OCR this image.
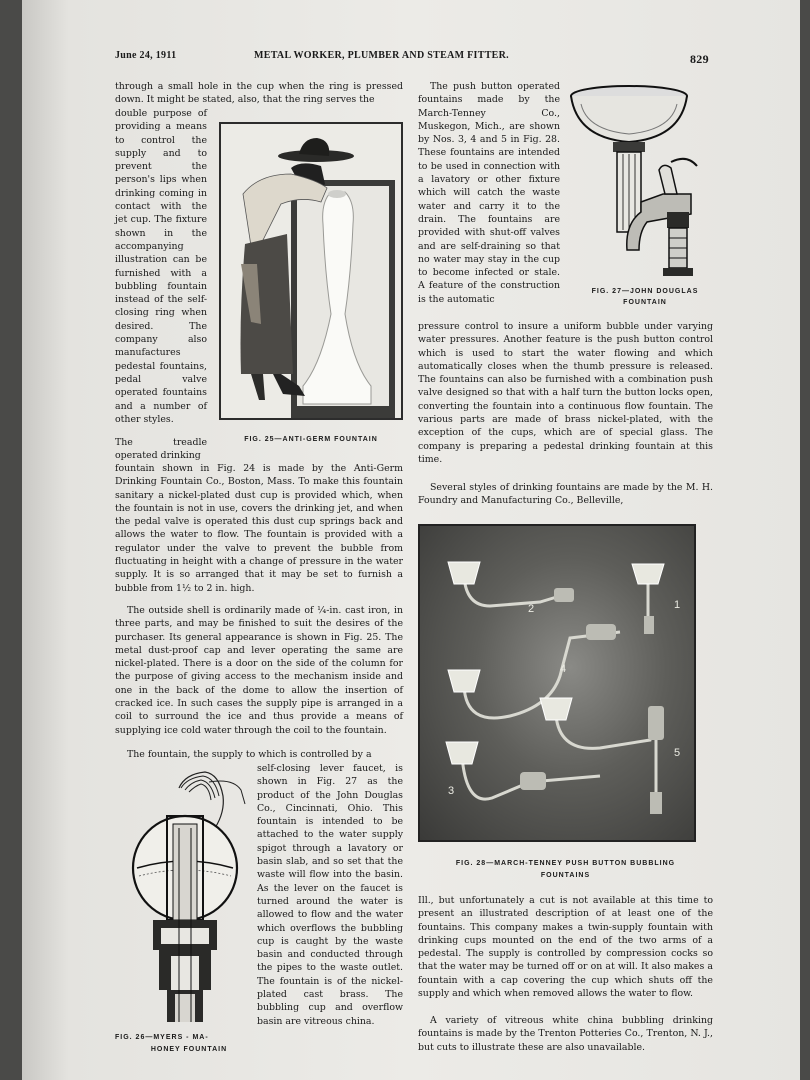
June 24, 1911	METAL WORKER, PLUMBER AND STEAM FITTER.	829
through a small hole in the cup when the ring is pressed down. It might be stated, also, that the ring serves the
double purpose of providing a means to control the supply and to prevent the person's lips when drinking coming in contact with the jet cup. The fixture shown in the accompanying illustration can be furnished with a bubbling fountain instead of the self-closing ring when desired. The company also manufactures pedestal fountains, pedal valve operated fountains and a number of other styles.
FIG. 25—ANTI-GERM FOUNTAIN
The treadle operated drinking
fountain shown in Fig. 24 is made by the Anti-Germ Drinking Fountain Co., Boston, Mass. To make this fountain sanitary a nickel-plated dust cup is provided which, when the fountain is not in use, covers the drinking jet, and when the pedal valve is operated this dust cup springs back and allows the water to flow. The fountain is provided with a regulator under the valve to prevent the bubble from fluctuating in height with a change of pressure in the water supply. It is so arranged that it may be set to furnish a bubble from 1½ to 2 in. high.
The outside shell is ordinarily made of ¼-in. cast iron, in three parts, and may be finished to suit the desires of the purchaser. Its general appearance is shown in Fig. 25. The metal dust-proof cap and lever operating the same are nickel-plated. There is a door on the side of the column for the purpose of giving access to the mechanism inside and one in the back of the dome to allow the insertion of cracked ice. In such cases the supply pipe is arranged in a coil to surround the ice and thus provide a means of supplying ice cold water through the coil to the fountain.
The fountain, the supply to which is controlled by a
FIG. 26—MYERS - MA-
HONEY FOUNTAIN
self-closing lever faucet, is shown in Fig. 27 as the product of the John Douglas Co., Cincinnati, Ohio. This fountain is intended to be attached to the water supply spigot through a lavatory or basin slab, and so set that the waste will flow into the basin. As the lever on the faucet is turned around the water is allowed to flow and the water which overflows the bubbling cup is caught by the waste basin and conducted through the pipes to the waste outlet. The fountain is of the nickel-plated cast brass. The bubbling cup and overflow basin are vitreous china.
The push button operated fountains made by the March-Tenney Co., Muskegon, Mich., are shown by Nos. 3, 4 and 5 in Fig. 28. These fountains are intended to be used in connection with a lavatory or other fixture which will catch the waste water and carry it to the drain. The fountains are provided with shut-off valves and are self-draining so that no water may stay in the cup to become infected or stale. A feature of the construction is the automatic
FIG. 27—JOHN DOUGLAS
FOUNTAIN
pressure control to insure a uniform bubble under varying water pressures. Another feature is the push button control which is used to start the water flowing and which automatically closes when the thumb pressure is released. The fountains can also be furnished with a combination push valve designed so that with a half turn the button locks open, converting the fountain into a continuous flow fountain. The various parts are made of brass nickel-plated, with the exception of the cups, which are of special glass. The company is preparing a pedestal drinking fountain at this time.
Several styles of drinking fountains are made by the M. H. Foundry and Manufacturing Co., Belleville,
2	1
4
5
3
FIG. 28—MARCH-TENNEY PUSH BUTTON BUBBLING
FOUNTAINS
Ill., but unfortunately a cut is not available at this time to present an illustrated description of at least one of the fountains. This company makes a twin-supply fountain with drinking cups mounted on the end of the two arms of a pedestal. The supply is controlled by compression cocks so that the water may be turned off or on at will. It also makes a fountain with a cap covering the cup which shuts off the supply and which when removed allows the water to flow.
A variety of vitreous white china bubbling drinking fountains is made by the Trenton Potteries Co., Trenton, N. J., but cuts to illustrate these are also unavailable.
